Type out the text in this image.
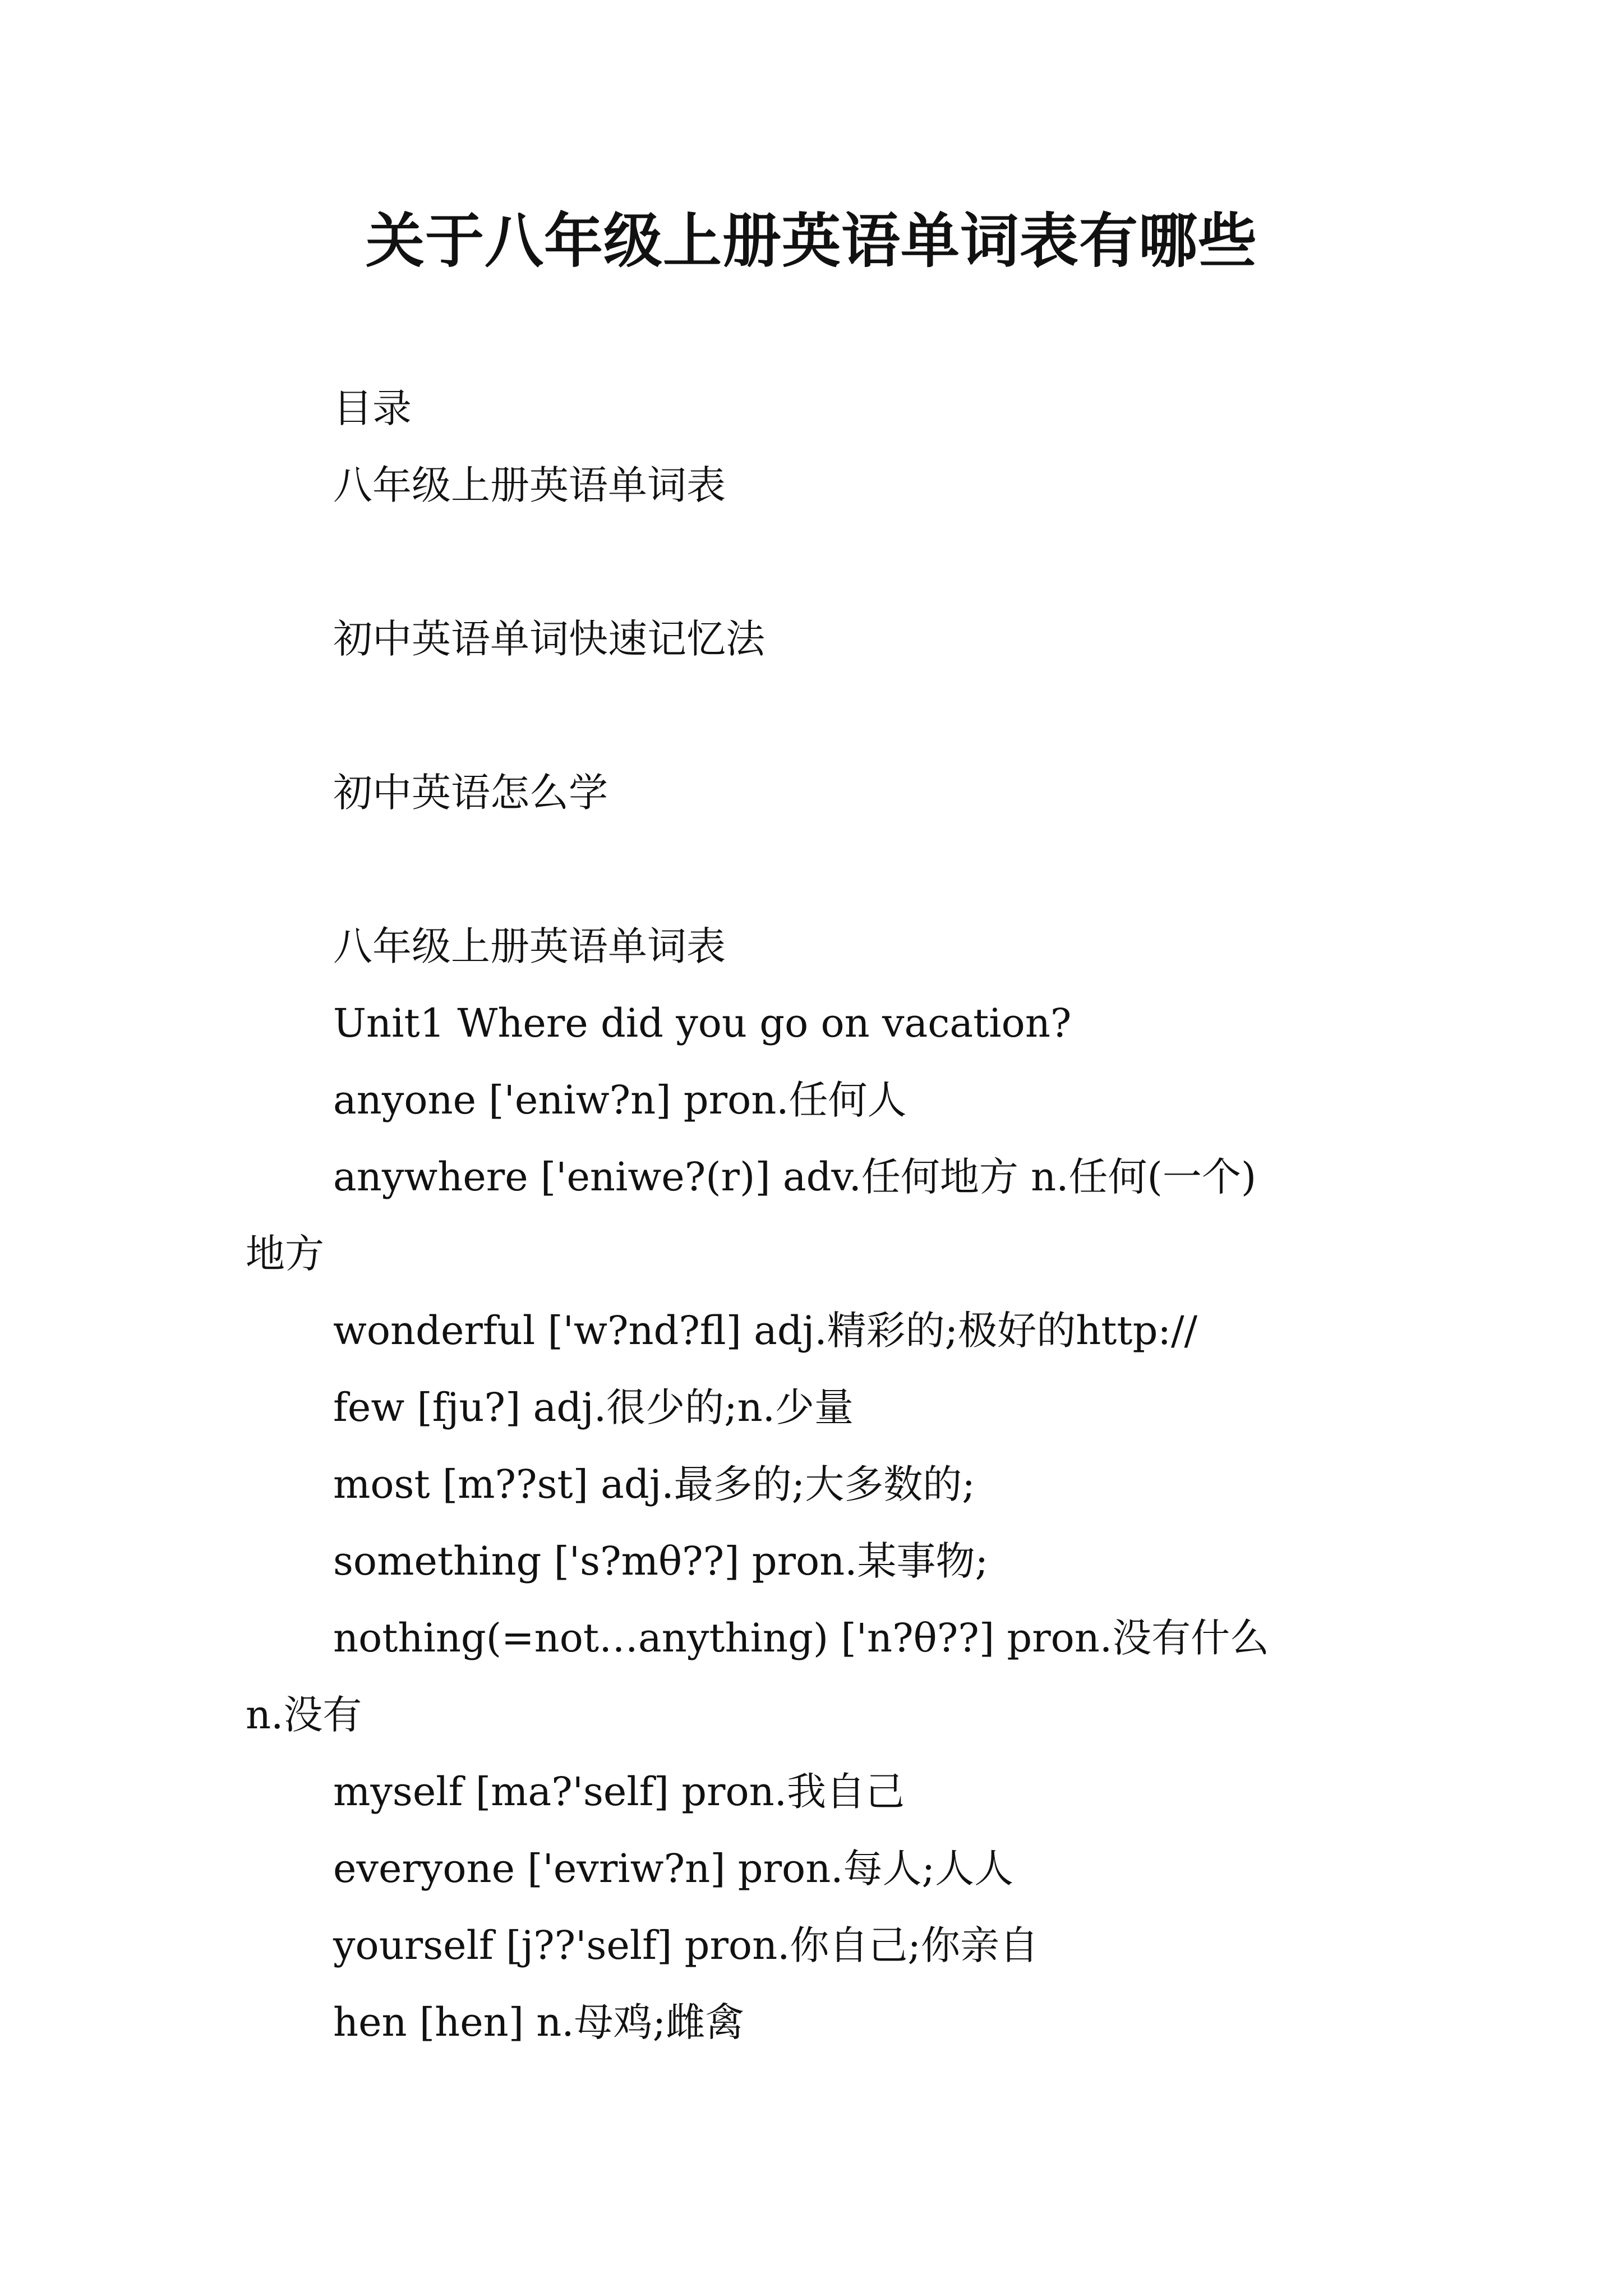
关于八年级上册英语单词表有哪些
目录
八年级上册英语单词表
初中英语单词快速记忆法
初中英语怎么学
八年级上册英语单词表
Unit1 Where did you go on vacation?
anyone ['eniw?n] pron.任何人
anywhere ['eniwe?(r)] adv.任何地方 n.任何(一个)
地方
wonderful ['w?nd?fl] adj.精彩的;极好的http://
few [fju?] adj.很少的;n.少量
most [m??st] adj.最多的;大多数的;
something ['s?mθ??] pron.某事物;
nothing(=not…anything) ['n?θ??] pron.没有什么
n.没有
myself [ma?'self] pron.我自己
everyone ['evriw?n] pron.每人;人人
yourself [j??'self] pron.你自己;你亲自
hen [hen] n.母鸡;雌禽
